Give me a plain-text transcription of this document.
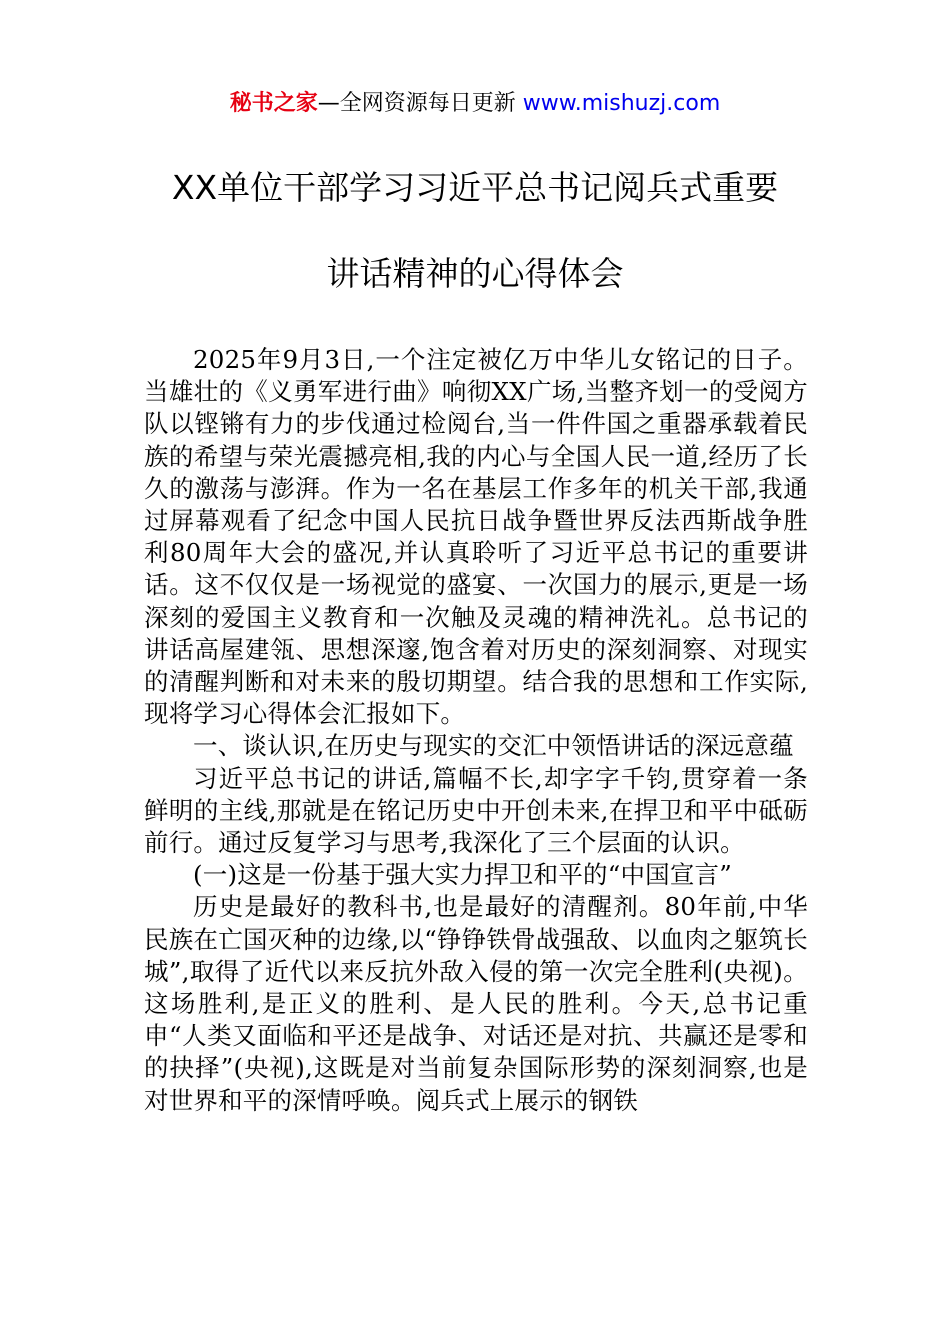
秘书之家—全网资源每日更新 www.mishuzj.com
XX单位干部学习习近平总书记阅兵式重要
讲话精神的心得体会

2025年9月3日,一个注定被亿万中华儿女铭记的日子。当雄壮的《义勇军进行曲》响彻XX广场,当整齐划一的受阅方队以铿锵有力的步伐通过检阅台,当一件件国之重器承载着民族的希望与荣光震撼亮相,我的内心与全国人民一道,经历了长久的激荡与澎湃。作为一名在基层工作多年的机关干部,我通过屏幕观看了纪念中国人民抗日战争暨世界反法西斯战争胜利80周年大会的盛况,并认真聆听了习近平总书记的重要讲话。这不仅仅是一场视觉的盛宴、一次国力的展示,更是一场深刻的爱国主义教育和一次触及灵魂的精神洗礼。总书记的讲话高屋建瓴、思想深邃,饱含着对历史的深刻洞察、对现实的清醒判断和对未来的殷切期望。结合我的思想和工作实际,现将学习心得体会汇报如下。

一、谈认识,在历史与现实的交汇中领悟讲话的深远意蕴

习近平总书记的讲话,篇幅不长,却字字千钧,贯穿着一条鲜明的主线,那就是在铭记历史中开创未来,在捍卫和平中砥砺前行。通过反复学习与思考,我深化了三个层面的认识。

(一)这是一份基于强大实力捍卫和平的“中国宣言”

历史是最好的教科书,也是最好的清醒剂。80年前,中华民族在亡国灭种的边缘,以“铮铮铁骨战强敌、以血肉之躯筑长城”,取得了近代以来反抗外敌入侵的第一次完全胜利(央视)。这场胜利,是正义的胜利、是人民的胜利。今天,总书记重申“人类又面临和平还是战争、对话还是对抗、共赢还是零和的抉择”(央视),这既是对当前复杂国际形势的深刻洞察,也是对世界和平的深情呼唤。阅兵式上展示的钢铁
